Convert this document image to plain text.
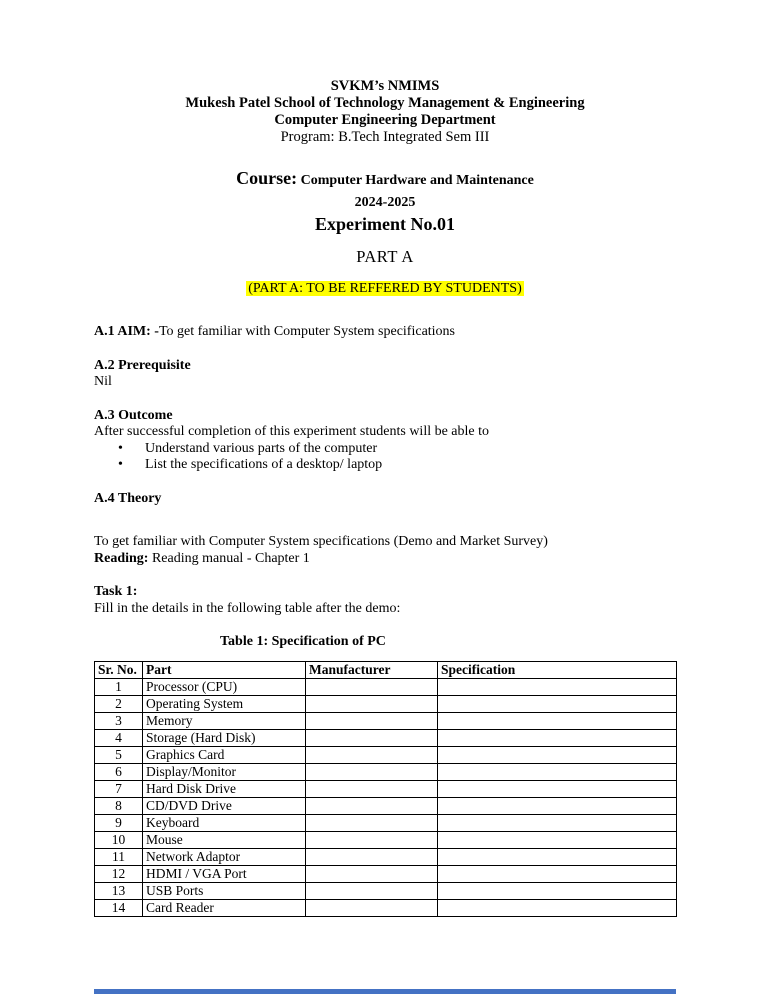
SVKM’s NMIMS
Mukesh Patel School of Technology Management & Engineering
Computer Engineering Department
Program: B.Tech Integrated Sem III
Course: Computer Hardware and Maintenance
2024-2025
Experiment No.01
PART A
(PART A: TO BE REFFERED BY STUDENTS)
A.1 AIM: -To get familiar with Computer System specifications
A.2 Prerequisite
Nil
A.3 Outcome
After successful completion of this experiment students will be able to
• Understand various parts of the computer
• List the specifications of a desktop/ laptop
A.4 Theory
To get familiar with Computer System specifications (Demo and Market Survey)
Reading: Reading manual - Chapter 1
Task 1:
Fill in the details in the following table after the demo:
Table 1: Specification of PC
Sr. No.	Part	Manufacturer	Specification
1	Processor (CPU)		
2	Operating System		
3	Memory		
4	Storage (Hard Disk)		
5	Graphics Card		
6	Display/Monitor		
7	Hard Disk Drive		
8	CD/DVD Drive		
9	Keyboard		
10	Mouse		
11	Network Adaptor		
12	HDMI / VGA Port		
13	USB Ports		
14	Card Reader		
